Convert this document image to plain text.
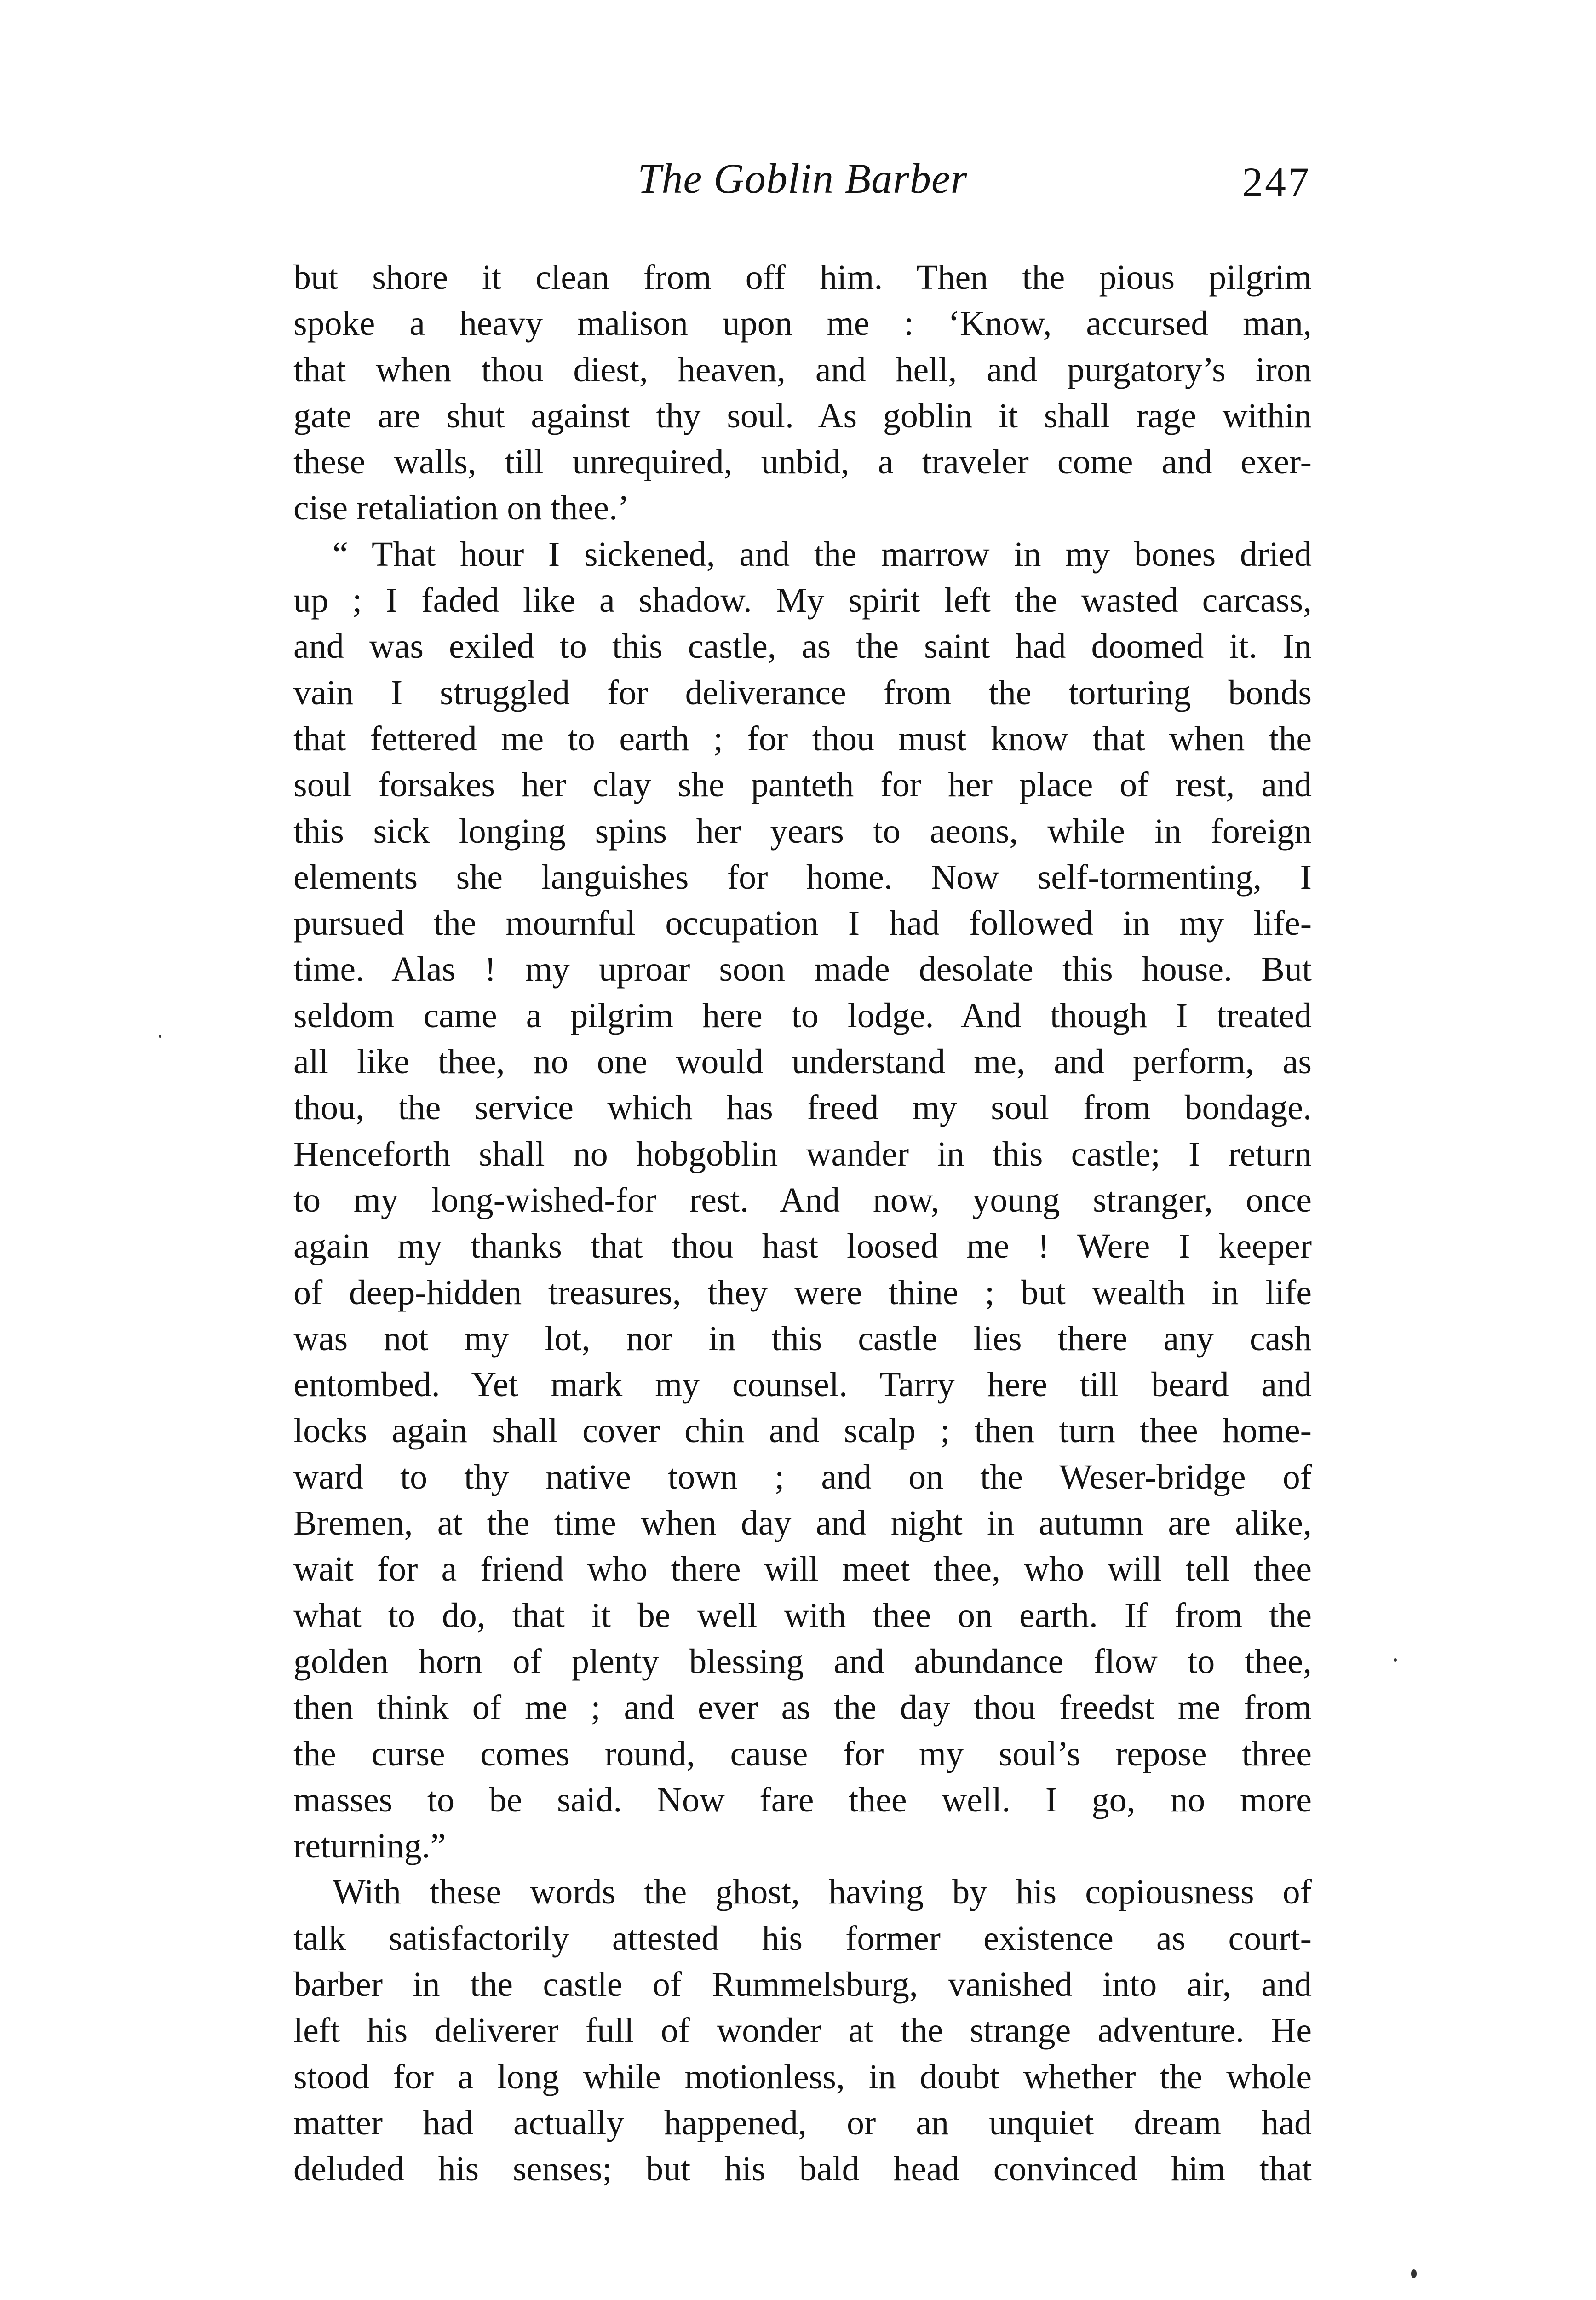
The Goblin Barber	247
but shore it clean from off him. Then the pious pilgrim
spoke a heavy malison upon me : ‘Know, accursed man,
that when thou diest, heaven, and hell, and purgatory’s iron
gate are shut against thy soul. As goblin it shall rage within
these walls, till unrequired, unbid, a traveler come and exer-
cise retaliation on thee.’
“ That hour I sickened, and the marrow in my bones dried
up ; I faded like a shadow. My spirit left the wasted carcass,
and was exiled to this castle, as the saint had doomed it. In
vain I struggled for deliverance from the torturing bonds
that fettered me to earth ; for thou must know that when the
soul forsakes her clay she panteth for her place of rest, and
this sick longing spins her years to aeons, while in foreign
elements she languishes for home. Now self-tormenting, I
pursued the mournful occupation I had followed in my life-
time. Alas ! my uproar soon made desolate this house. But
seldom came a pilgrim here to lodge. And though I treated
all like thee, no one would understand me, and perform, as
thou, the service which has freed my soul from bondage.
Henceforth shall no hobgoblin wander in this castle; I return
to my long-wished-for rest. And now, young stranger, once
again my thanks that thou hast loosed me ! Were I keeper
of deep-hidden treasures, they were thine ; but wealth in life
was not my lot, nor in this castle lies there any cash
entombed. Yet mark my counsel. Tarry here till beard and
locks again shall cover chin and scalp ; then turn thee home-
ward to thy native town ; and on the Weser-bridge of
Bremen, at the time when day and night in autumn are alike,
wait for a friend who there will meet thee, who will tell thee
what to do, that it be well with thee on earth. If from the
golden horn of plenty blessing and abundance flow to thee,
then think of me ; and ever as the day thou freedst me from
the curse comes round, cause for my soul’s repose three
masses to be said. Now fare thee well. I go, no more
returning.”
With these words the ghost, having by his copiousness of
talk satisfactorily attested his former existence as court-
barber in the castle of Rummelsburg, vanished into air, and
left his deliverer full of wonder at the strange adventure. He
stood for a long while motionless, in doubt whether the whole
matter had actually happened, or an unquiet dream had
deluded his senses; but his bald head convinced him that
